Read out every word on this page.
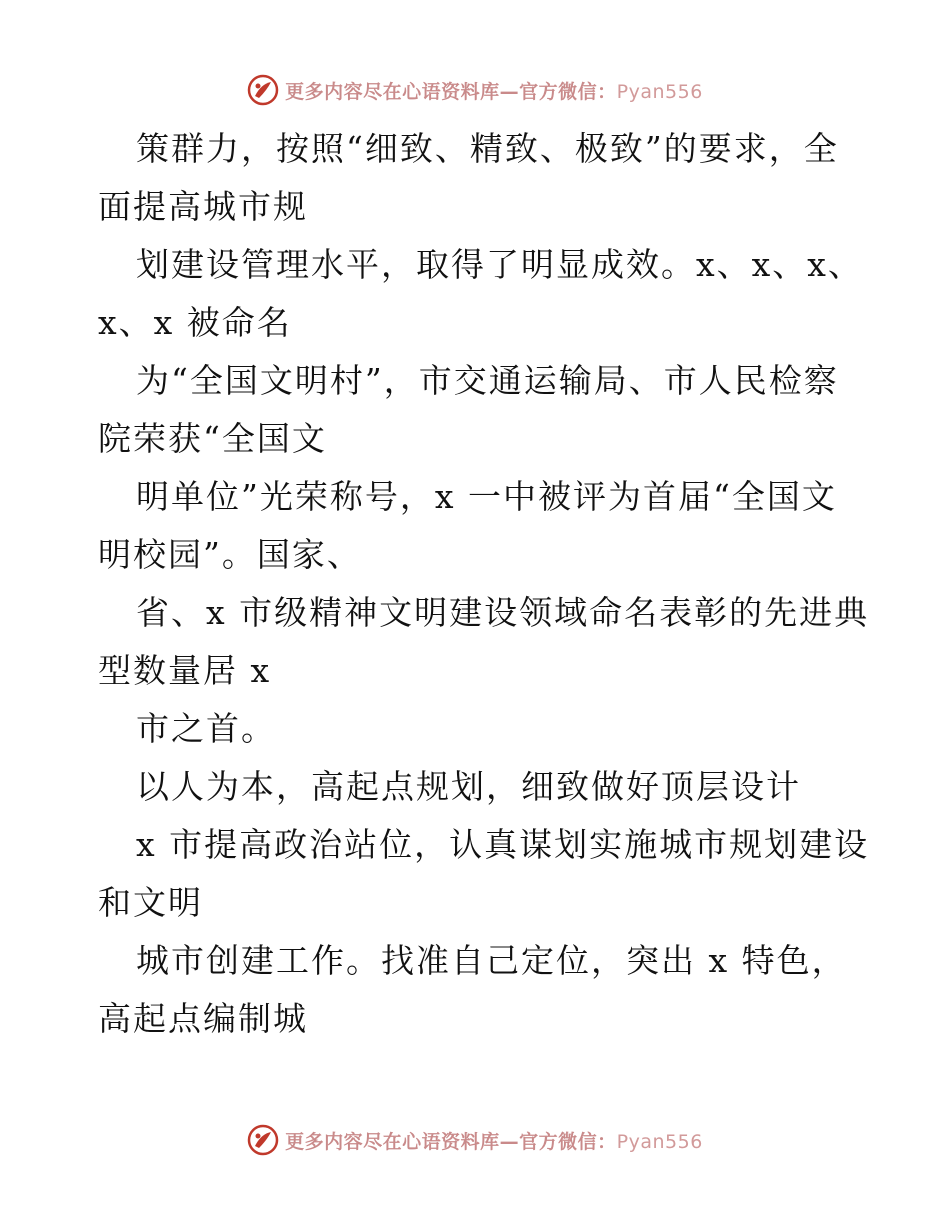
更多内容尽在心语资料库—官方微信：Pyan556
策群力，按照“细致、精致、极致”的要求，全
面提高城市规
划建设管理水平，取得了明显成效。x、x、x、
x、x 被命名
为“全国文明村”，市交通运输局、市人民检察
院荣获“全国文
明单位”光荣称号，x 一中被评为首届“全国文
明校园”。国家、
省、x 市级精神文明建设领域命名表彰的先进典
型数量居 x
市之首。
以人为本，高起点规划，细致做好顶层设计
x 市提高政治站位，认真谋划实施城市规划建设
和文明
城市创建工作。找准自己定位，突出 x 特色，
高起点编制城
更多内容尽在心语资料库—官方微信：Pyan556
